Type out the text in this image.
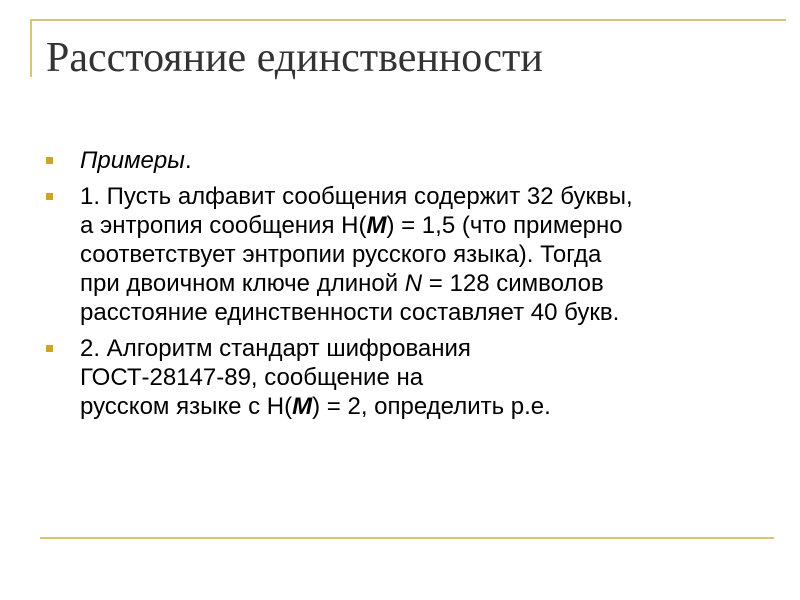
Расстояние единственности
Примеры.
1. Пусть алфавит сообщения содержит 32 буквы,
а энтропия сообщения H(M) = 1,5 (что примерно
соответствует энтропии русского языка). Тогда
при двоичном ключе длиной N = 128 символов
расстояние единственности составляет 40 букв.
2. Алгоритм стандарт шифрования
ГОСТ-28147-89, сообщение на
русском языке с H(M) = 2, определить р.е.
